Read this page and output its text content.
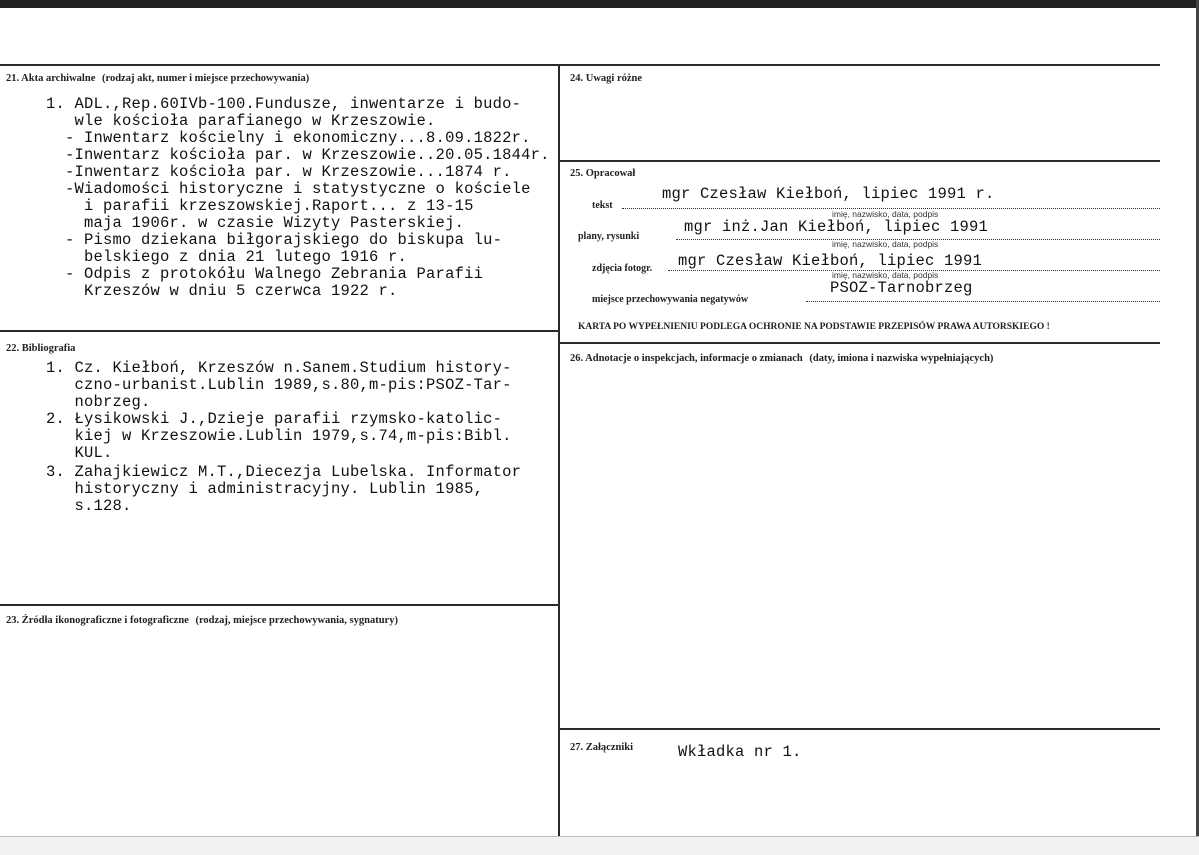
21. Akta archiwalne (rodzaj akt, numer i miejsce przechowywania)
1. ADL.,Rep.60IVb-100.Fundusze, inwentarze i budo-
wle kościoła parafianego w Krzeszowie.
- Inwentarz kościelny i ekonomiczny...8.09.1822r.
-Inwentarz kościoła par. w Krzeszowie..20.05.1844r.
-Inwentarz kościoła par. w Krzeszowie...1874 r.
-Wiadomości historyczne i statystyczne o kościele
i parafii krzeszowskiej.Raport... z 13-15
maja 1906r. w czasie Wizyty Pasterskiej.
- Pismo dziekana biłgorajskiego do biskupa lu-
belskiego z dnia 21 lutego 1916 r.
- Odpis z protokółu Walnego Zebrania Parafii
Krzeszów w dniu 5 czerwca 1922 r.
22. Bibliografia
1. Cz. Kiełboń, Krzeszów n.Sanem.Studium history-
czno-urbanist.Lublin 1989,s.80,m-pis:PSOZ-Tar-
nobrzeg.
2. Łysikowski J.,Dzieje parafii rzymsko-katolic-
kiej w Krzeszowie.Lublin 1979,s.74,m-pis:Bibl.
KUL.
3. Zahajkiewicz M.T.,Diecezja Lubelska. Informator
historyczny i administracyjny. Lublin 1985,
s.128.
23. Źródła ikonograficzne i fotograficzne (rodzaj, miejsce przechowywania, sygnatury)
24. Uwagi różne
25. Opracował
tekst
mgr Czesław Kiełboń, lipiec 1991 r.
imię, nazwisko, data, podpis
plany, rysunki
mgr inż.Jan Kiełboń, lipiec 1991
imię, nazwisko, data, podpis
zdjęcia fotogr. mgr Czesław Kiełboń, lipiec 1991
imię, nazwisko, data, podpis
miejsce przechowywania negatywów
PSOZ-Tarnobrzeg
KARTA PO WYPEŁNIENIU PODLEGA OCHRONIE NA PODSTAWIE PRZEPISÓW PRAWA AUTORSKIEGO !
26. Adnotacje o inspekcjach, informacje o zmianach (daty, imiona i nazwiska wypełniających)
27. Załączniki	Wkładka nr 1.
